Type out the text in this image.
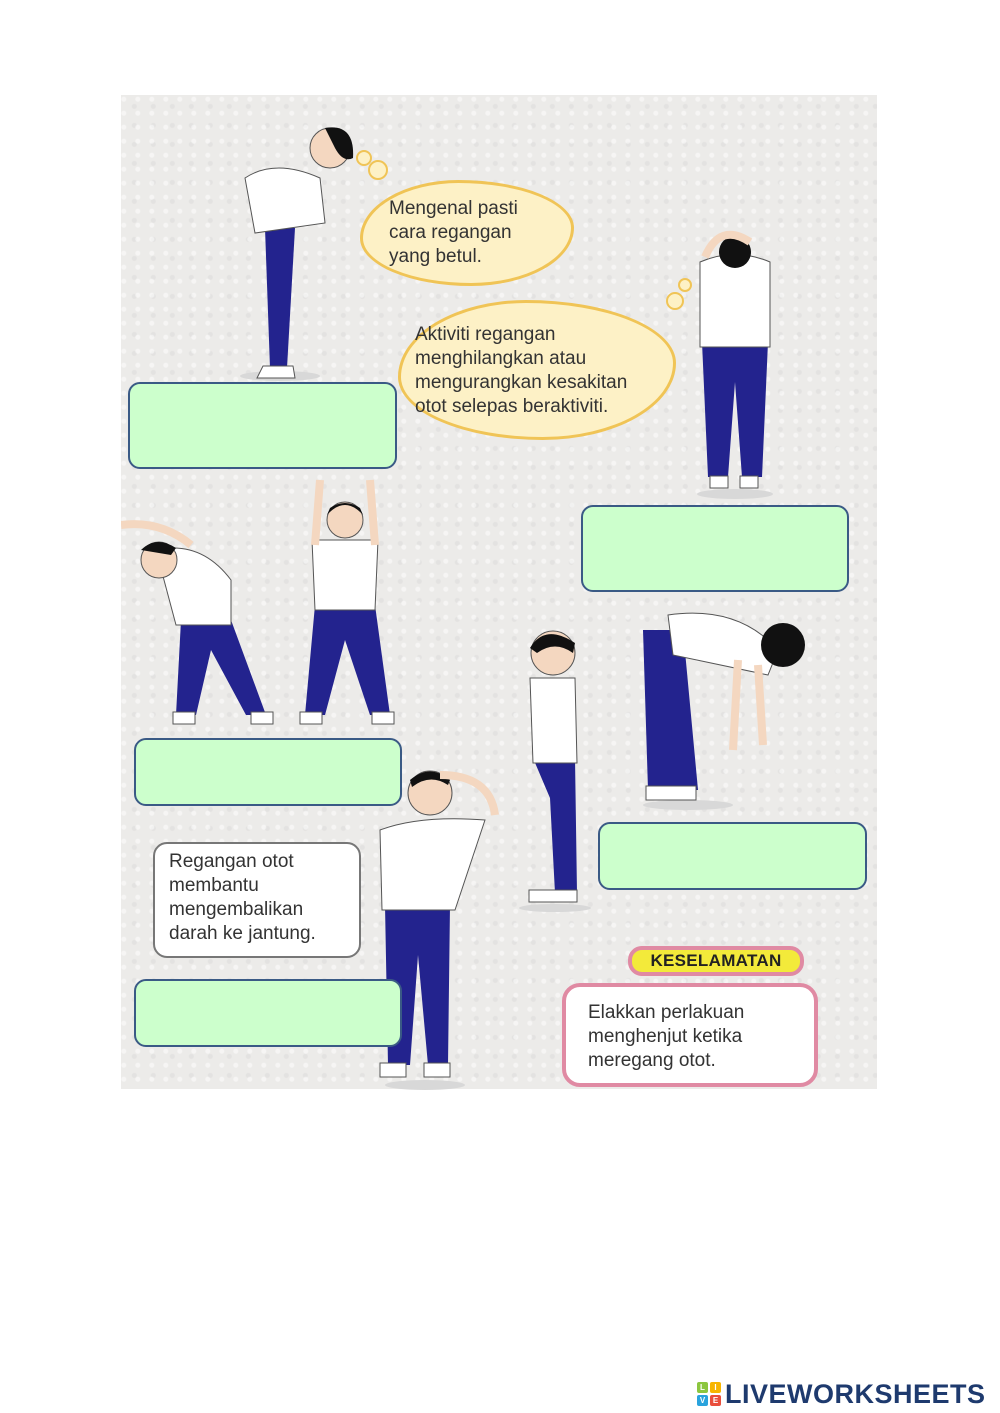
Mengenal pasti
cara regangan
yang betul.
Aktiviti regangan
menghilangkan atau
mengurangkan kesakitan
otot selepas beraktiviti.
Regangan otot
membantu
mengembalikan
darah ke jantung.
Elakkan perlakuan
menghenjut ketika
meregang otot.
KESELAMATAN
L	I
V E LIVEWORKSHEETS
